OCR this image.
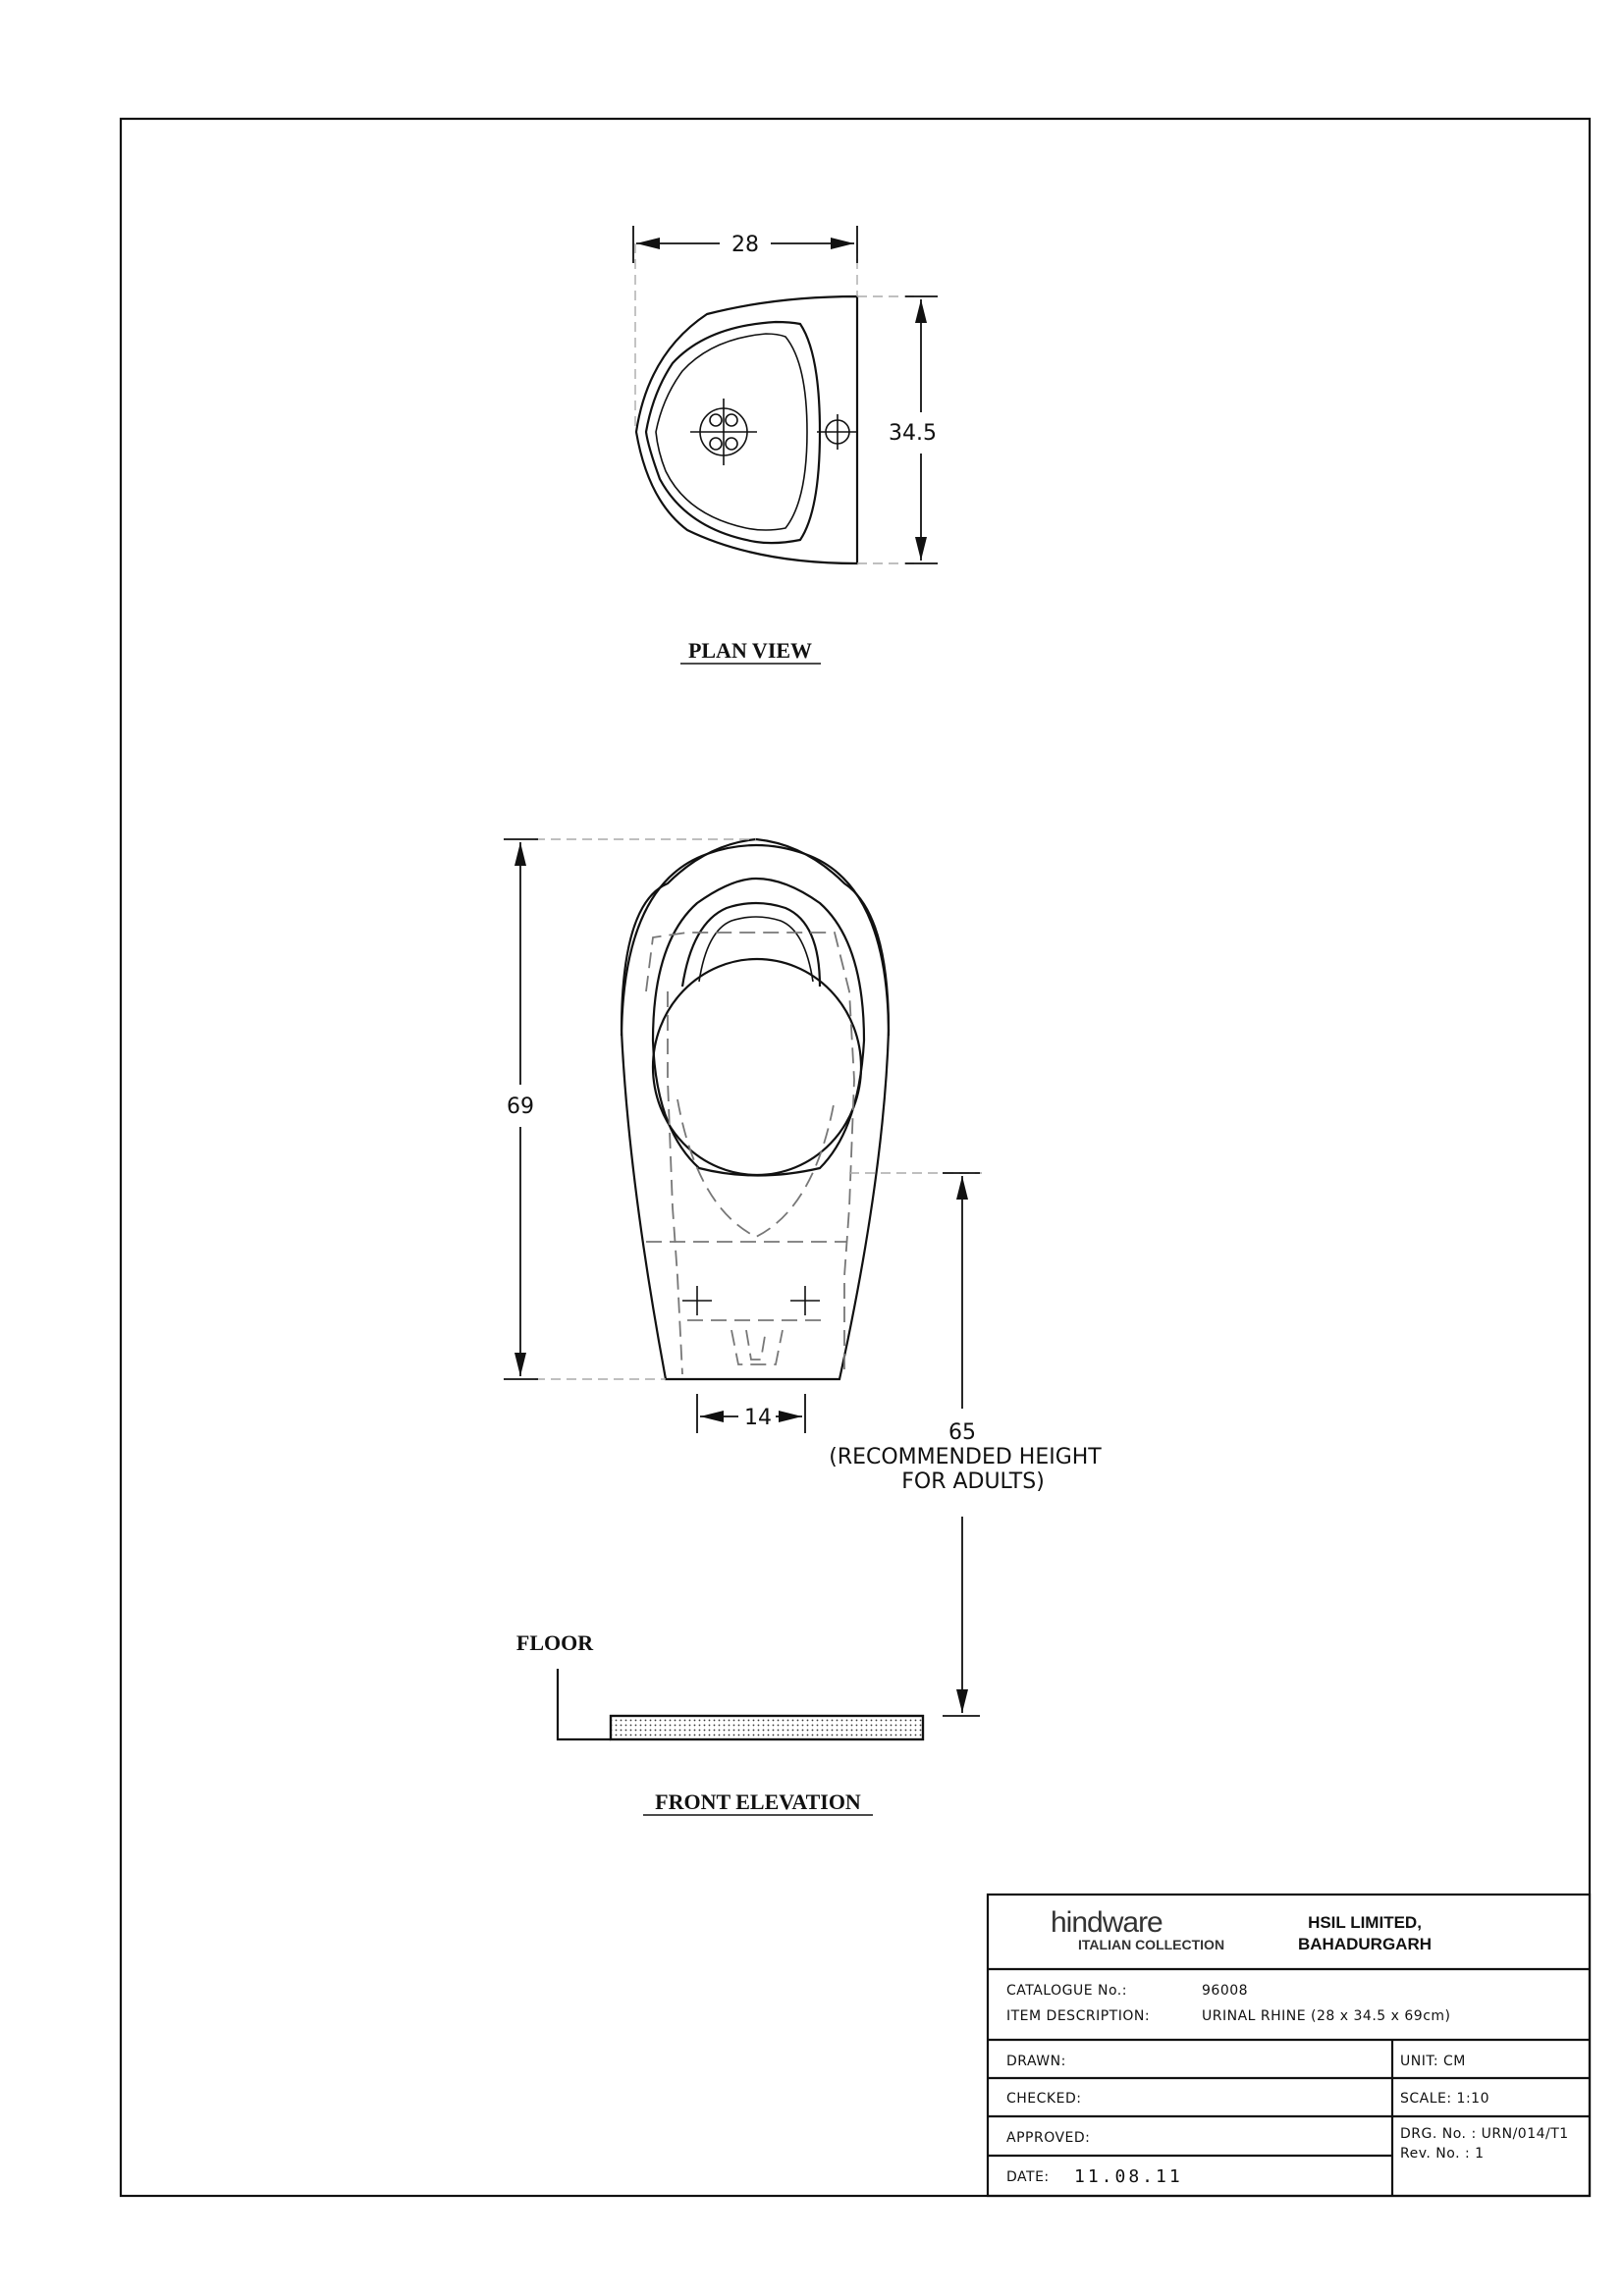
28
34.5
PLAN VIEW
69
14
65
(RECOMMENDED HEIGHT
FOR ADULTS)
FLOOR
FRONT ELEVATION
hindware
ITALIAN COLLECTION
HSIL LIMITED,
BAHADURGARH
CATALOGUE No.:	96008
ITEM DESCRIPTION:	URINAL RHINE (28 x 34.5 x 69cm)
DRAWN:
CHECKED:
APPROVED:
DATE: 11.08.11
UNIT: CM
SCALE: 1:10
DRG. No. : URN/014/T1
Rev. No. : 1
